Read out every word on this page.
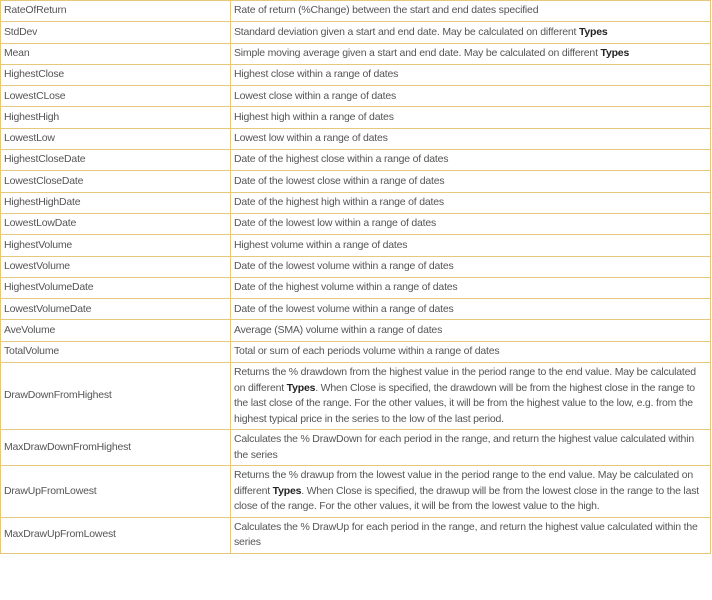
RateOfReturn	Rate of return (%Change) between the start and end dates specified
StdDev	Standard deviation given a start and end date. May be calculated on different Types
Mean	Simple moving average given a start and end date. May be calculated on different Types
HighestClose	Highest close within a range of dates
LowestCLose	Lowest close within a range of dates
HighestHigh	Highest high within a range of dates
LowestLow	Lowest low within a range of dates
HighestCloseDate	Date of the highest close within a range of dates
LowestCloseDate	Date of the lowest close within a range of dates
HighestHighDate	Date of the highest high within a range of dates
LowestLowDate	Date of the lowest low within a range of dates
HighestVolume	Highest volume within a range of dates
LowestVolume	Date of the lowest volume within a range of dates
HighestVolumeDate	Date of the highest volume within a range of dates
LowestVolumeDate	Date of the lowest volume within a range of dates
AveVolume	Average (SMA) volume within a range of dates
TotalVolume	Total or sum of each periods volume within a range of dates
DrawDownFromHighest	Returns the % drawdown from the highest value in the period range to the end value. May be calculated on different Types. When Close is specified, the drawdown will be from the highest close in the range to the last close of the range. For the other values, it will be from the highest value to the low, e.g. from the highest typical price in the series to the low of the last period.
MaxDrawDownFromHighest	Calculates the % DrawDown for each period in the range, and return the highest value calculated within the series
DrawUpFromLowest	Returns the % drawup from the lowest value in the period range to the end value. May be calculated on different Types. When Close is specified, the drawup will be from the lowest close in the range to the last close of the range. For the other values, it will be from the lowest value to the high.
MaxDrawUpFromLowest	Calculates the % DrawUp for each period in the range, and return the highest value calculated within the series
